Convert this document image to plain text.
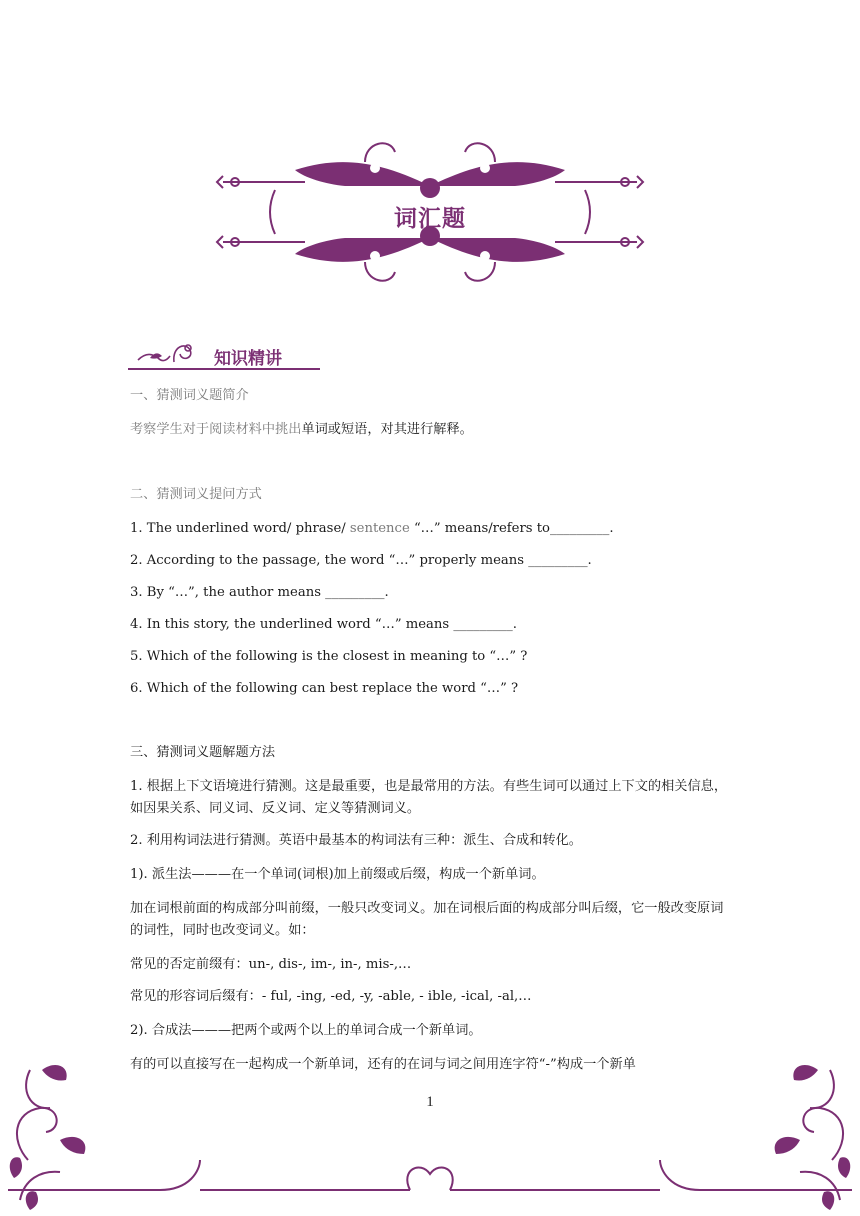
词汇题
知识精讲
一、猜测词义题简介
考察学生对于阅读材料中挑出单词或短语，对其进行解释。
二、猜测词义提问方式
1. The underlined word/ phrase/ sentence “…” means/refers to_________.
2. According to the passage, the word “…” properly means _________.
3. By “…”, the author means _________.
4. In this story, the underlined word “…” means _________.
5. Which of the following is the closest in meaning to “…” ?
6. Which of the following can best replace the word “…” ?
三、猜测词义题解题方法
1. 根据上下文语境进行猜测。这是最重要，也是最常用的方法。有些生词可以通过上下文的相关信息，如因果关系、同义词、反义词、定义等猜测词义。
2. 利用构词法进行猜测。英语中最基本的构词法有三种：派生、合成和转化。
1). 派生法———在一个单词(词根)加上前缀或后缀，构成一个新单词。
加在词根前面的构成部分叫前缀，一般只改变词义。加在词根后面的构成部分叫后缀，它一般改变原词的词性，同时也改变词义。如：
常见的否定前缀有：un-, dis-, im-, in-, mis-,…
常见的形容词后缀有：- ful, -ing, -ed, -y, -able, - ible, -ical, -al,…
2). 合成法———把两个或两个以上的单词合成一个新单词。
有的可以直接写在一起构成一个新单词，还有的在词与词之间用连字符“-”构成一个新单
1
